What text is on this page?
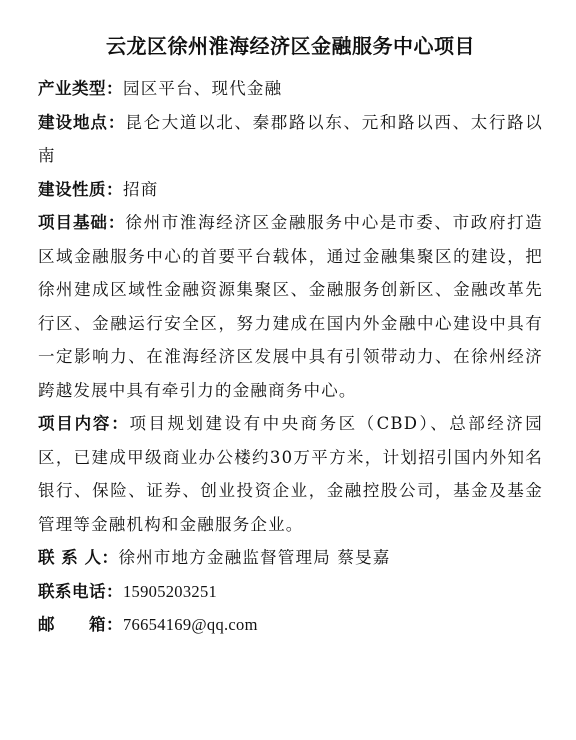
云龙区徐州淮海经济区金融服务中心项目

产业类型：园区平台、现代金融

建设地点：昆仑大道以北、秦郡路以东、元和路以西、太行路以南

建设性质：招商

项目基础：徐州市淮海经济区金融服务中心是市委、市政府打造区域金融服务中心的首要平台载体，通过金融集聚区的建设，把徐州建成区域性金融资源集聚区、金融服务创新区、金融改革先行区、金融运行安全区，努力建成在国内外金融中心建设中具有一定影响力、在淮海经济区发展中具有引领带动力、在徐州经济跨越发展中具有牵引力的金融商务中心。

项目内容：项目规划建设有中央商务区（CBD）、总部经济园区，已建成甲级商业办公楼约30万平方米，计划招引国内外知名银行、保险、证券、创业投资企业，金融控股公司，基金及基金管理等金融机构和金融服务企业。

联 系 人：徐州市地方金融监督管理局 蔡旻嘉

联系电话：15905203251

邮　　箱：76654169@qq.com
